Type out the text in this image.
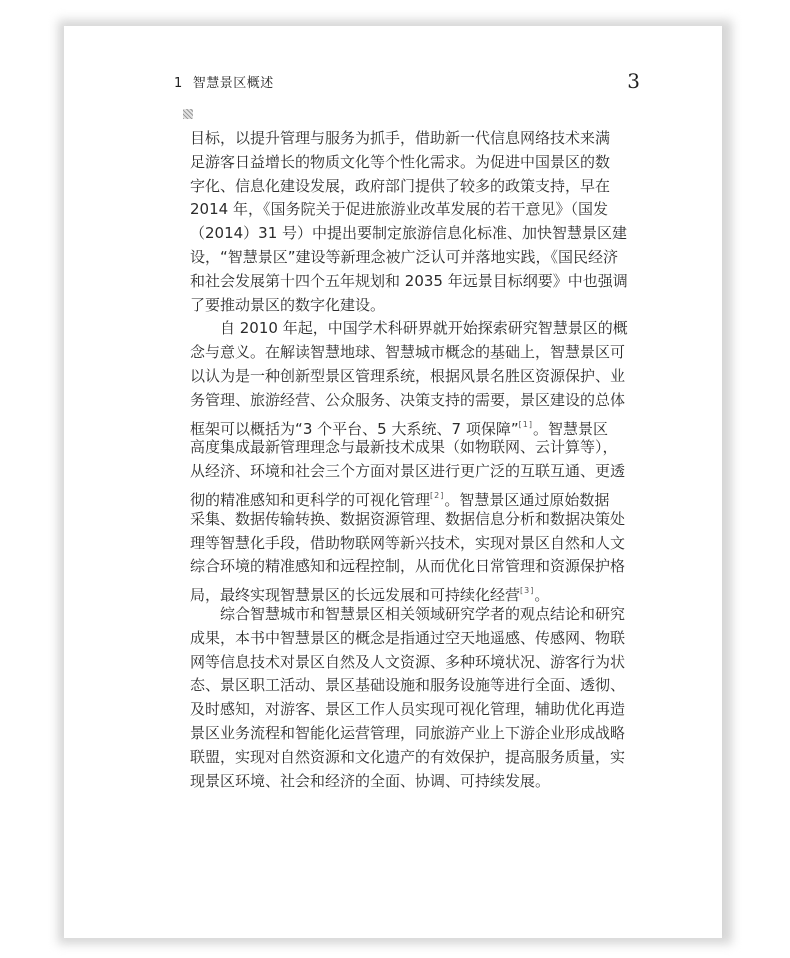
1 智慧景区概述	3
目标，以提升管理与服务为抓手，借助新一代信息网络技术来满
足游客日益增长的物质文化等个性化需求。为促进中国景区的数
字化、信息化建设发展，政府部门提供了较多的政策支持，早在
2014 年，《国务院关于促进旅游业改革发展的若干意见》（国发
（2014）31 号）中提出要制定旅游信息化标准、加快智慧景区建
设，“智慧景区”建设等新理念被广泛认可并落地实践，《国民经济
和社会发展第十四个五年规划和 2035 年远景目标纲要》中也强调
了要推动景区的数字化建设。
自 2010 年起，中国学术科研界就开始探索研究智慧景区的概
念与意义。在解读智慧地球、智慧城市概念的基础上，智慧景区可
以认为是一种创新型景区管理系统，根据风景名胜区资源保护、业
务管理、旅游经营、公众服务、决策支持的需要，景区建设的总体
框架可以概括为“3 个平台、5 大系统、7 项保障”[1]。智慧景区
高度集成最新管理理念与最新技术成果（如物联网、云计算等），
从经济、环境和社会三个方面对景区进行更广泛的互联互通、更透
彻的精准感知和更科学的可视化管理[2]。智慧景区通过原始数据
采集、数据传输转换、数据资源管理、数据信息分析和数据决策处
理等智慧化手段，借助物联网等新兴技术，实现对景区自然和人文
综合环境的精准感知和远程控制，从而优化日常管理和资源保护格
局，最终实现智慧景区的长远发展和可持续化经营[3]。
综合智慧城市和智慧景区相关领域研究学者的观点结论和研究
成果，本书中智慧景区的概念是指通过空天地遥感、传感网、物联
网等信息技术对景区自然及人文资源、多种环境状况、游客行为状
态、景区职工活动、景区基础设施和服务设施等进行全面、透彻、
及时感知，对游客、景区工作人员实现可视化管理，辅助优化再造
景区业务流程和智能化运营管理，同旅游产业上下游企业形成战略
联盟，实现对自然资源和文化遗产的有效保护，提高服务质量，实
现景区环境、社会和经济的全面、协调、可持续发展。
